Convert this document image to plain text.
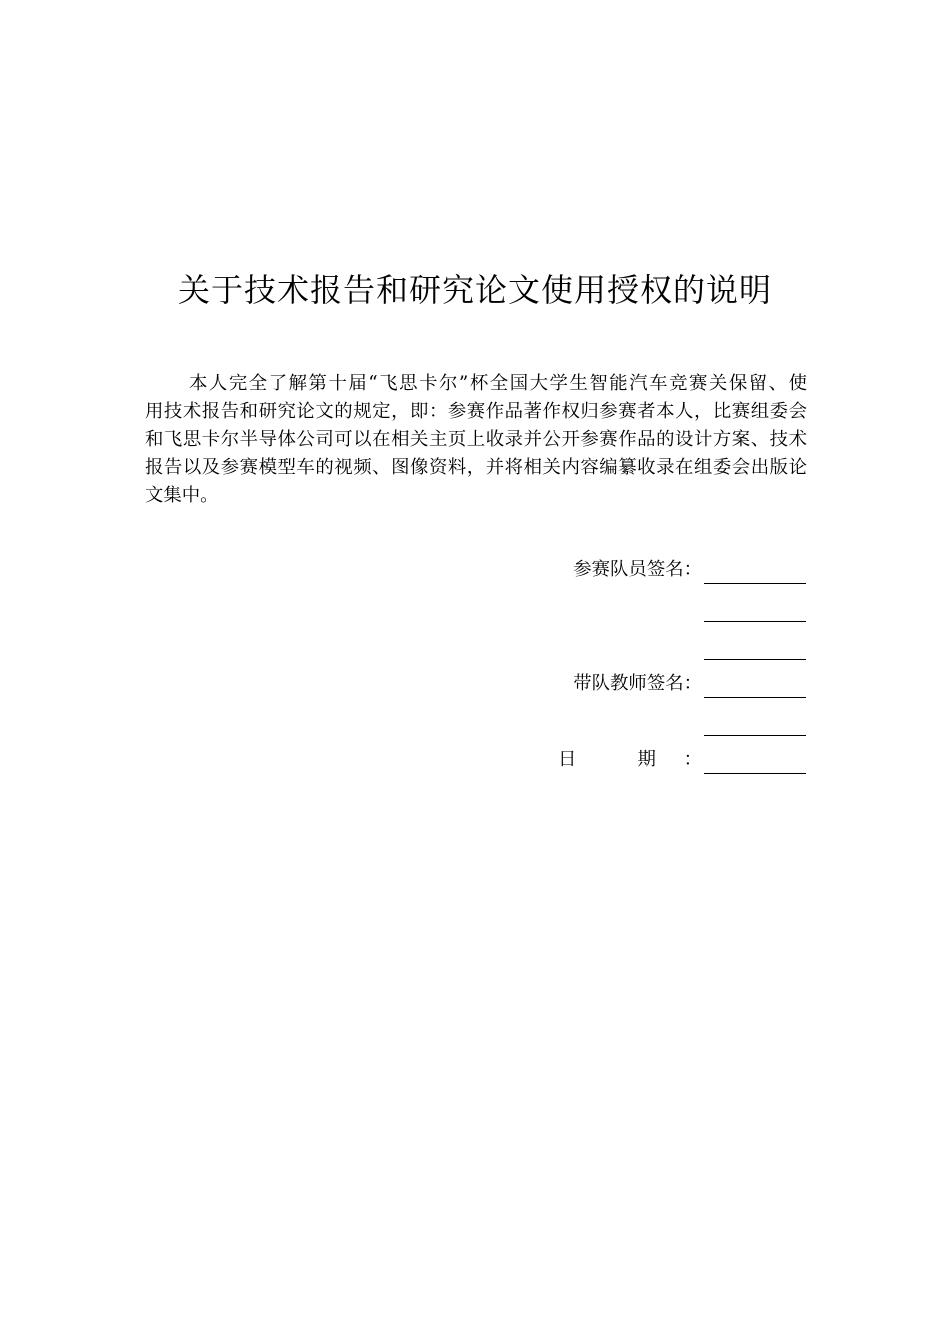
关于技术报告和研究论文使用授权的说明
本人完全了解第十届“飞思卡尔”杯全国大学生智能汽车竞赛关保留、使
用技术报告和研究论文的规定，即：参赛作品著作权归参赛者本人，比赛组委会
和飞思卡尔半导体公司可以在相关主页上收录并公开参赛作品的设计方案、技术
报告以及参赛模型车的视频、图像资料，并将相关内容编纂收录在组委会出版论
文集中。
参赛队员签名：
带队教师签名：
日 期：
